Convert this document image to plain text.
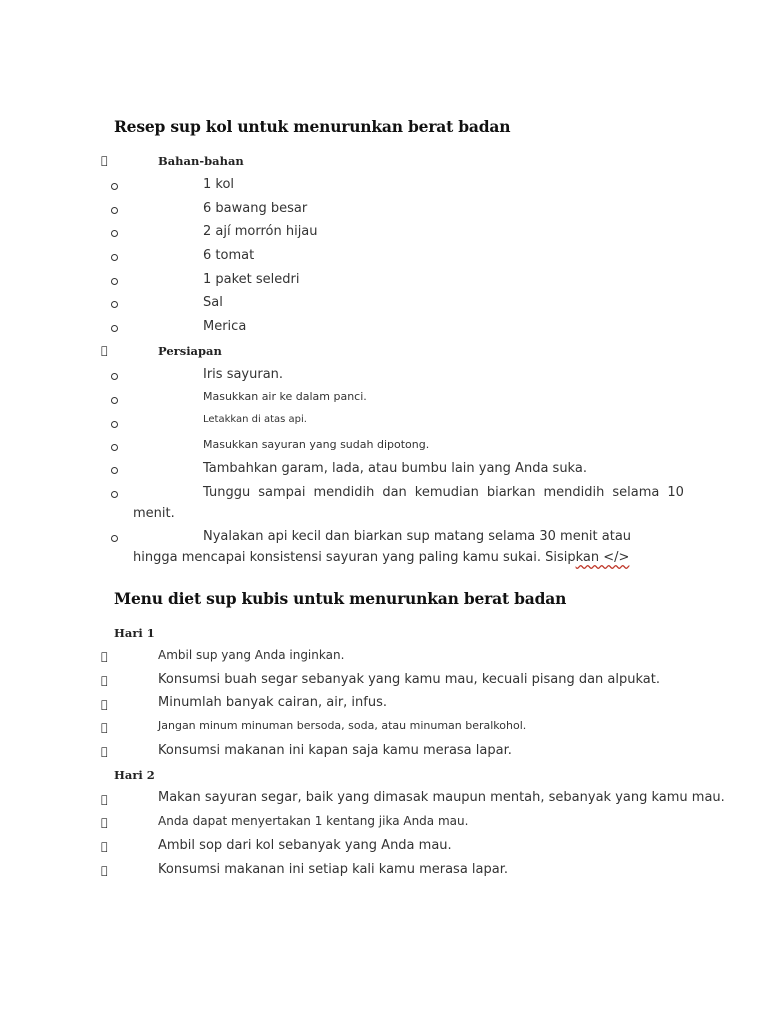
Resep sup kol untuk menurunkan berat badan
Bahan-bahan
1 kol
6 bawang besar
2 ají morrón hijau
6 tomat
1 paket seledri
Sal
Merica
Persiapan
Iris sayuran.
Masukkan air ke dalam panci.
Letakkan di atas api.
Masukkan sayuran yang sudah dipotong.
Tambahkan garam, lada, atau bumbu lain yang Anda suka.
Tunggu sampai mendidih dan kemudian biarkan mendidih selama 10
menit.
Nyalakan api kecil dan biarkan sup matang selama 30 menit atau
hingga mencapai konsistensi sayuran yang paling kamu sukai. Sisipkan </>
Menu diet sup kubis untuk menurunkan berat badan
Hari 1
Ambil sup yang Anda inginkan.
Konsumsi buah segar sebanyak yang kamu mau, kecuali pisang dan alpukat.
Minumlah banyak cairan, air, infus.
Jangan minum minuman bersoda, soda, atau minuman beralkohol.
Konsumsi makanan ini kapan saja kamu merasa lapar.
Hari 2
Makan sayuran segar, baik yang dimasak maupun mentah, sebanyak yang kamu mau.
Anda dapat menyertakan 1 kentang jika Anda mau.
Ambil sop dari kol sebanyak yang Anda mau.
Konsumsi makanan ini setiap kali kamu merasa lapar.
